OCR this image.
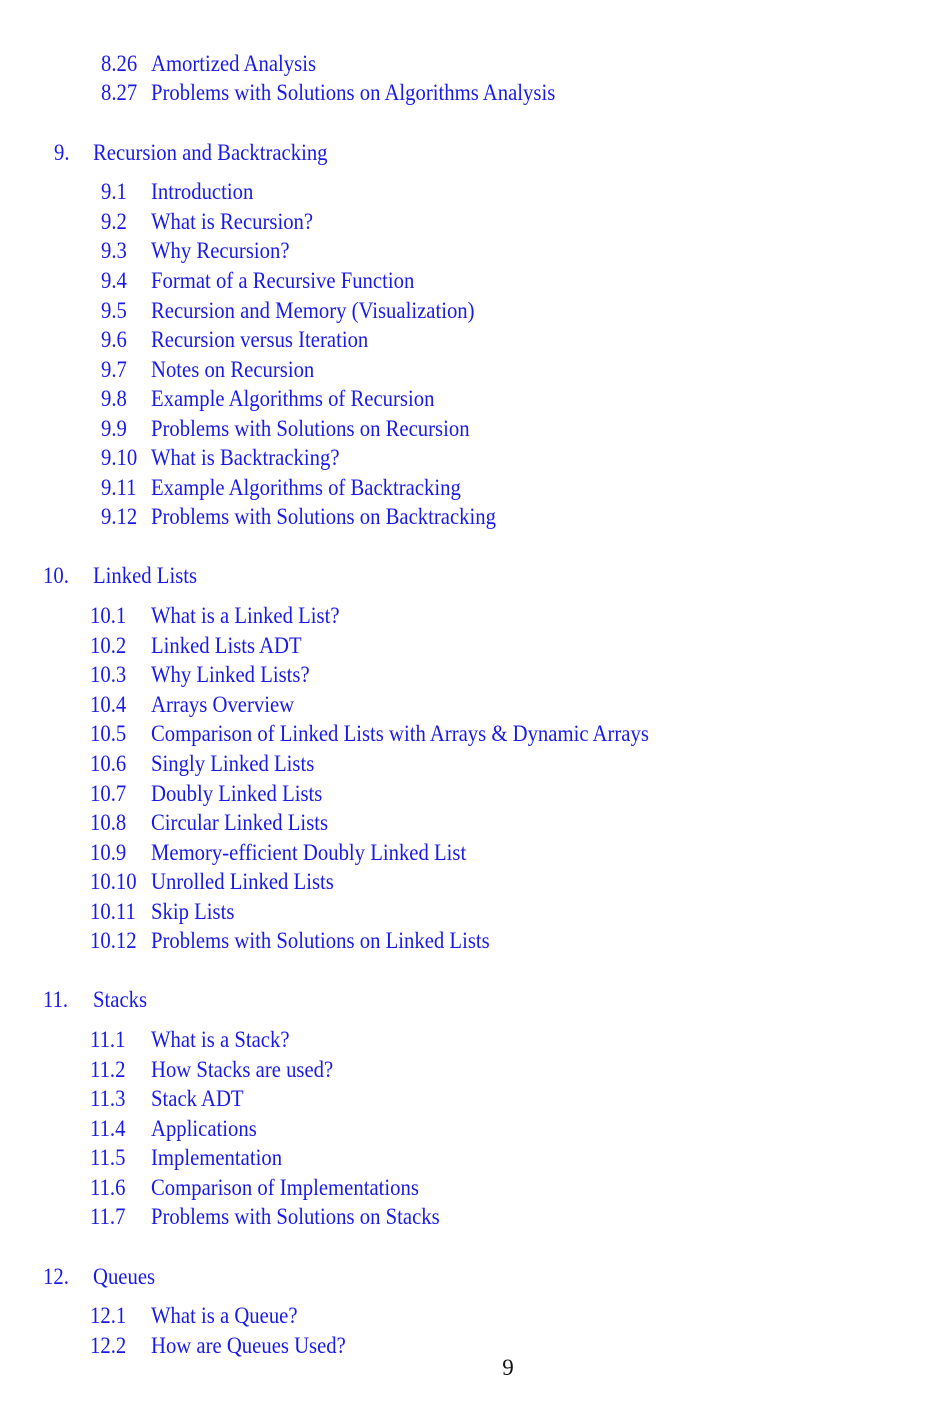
8.26 Amortized Analysis
8.27 Problems with Solutions on Algorithms Analysis
9. Recursion and Backtracking
9.1 Introduction
9.2 What is Recursion?
9.3 Why Recursion?
9.4 Format of a Recursive Function
9.5 Recursion and Memory (Visualization)
9.6 Recursion versus Iteration
9.7 Notes on Recursion
9.8 Example Algorithms of Recursion
9.9 Problems with Solutions on Recursion
9.10 What is Backtracking?
9.11 Example Algorithms of Backtracking
9.12 Problems with Solutions on Backtracking
10. Linked Lists
10.1 What is a Linked List?
10.2 Linked Lists ADT
10.3 Why Linked Lists?
10.4 Arrays Overview
10.5 Comparison of Linked Lists with Arrays & Dynamic Arrays
10.6 Singly Linked Lists
10.7 Doubly Linked Lists
10.8 Circular Linked Lists
10.9 Memory-efficient Doubly Linked List
10.10 Unrolled Linked Lists
10.11 Skip Lists
10.12 Problems with Solutions on Linked Lists
11. Stacks
11.1 What is a Stack?
11.2 How Stacks are used?
11.3 Stack ADT
11.4 Applications
11.5 Implementation
11.6 Comparison of Implementations
11.7 Problems with Solutions on Stacks
12. Queues
12.1 What is a Queue?
12.2 How are Queues Used?
9
